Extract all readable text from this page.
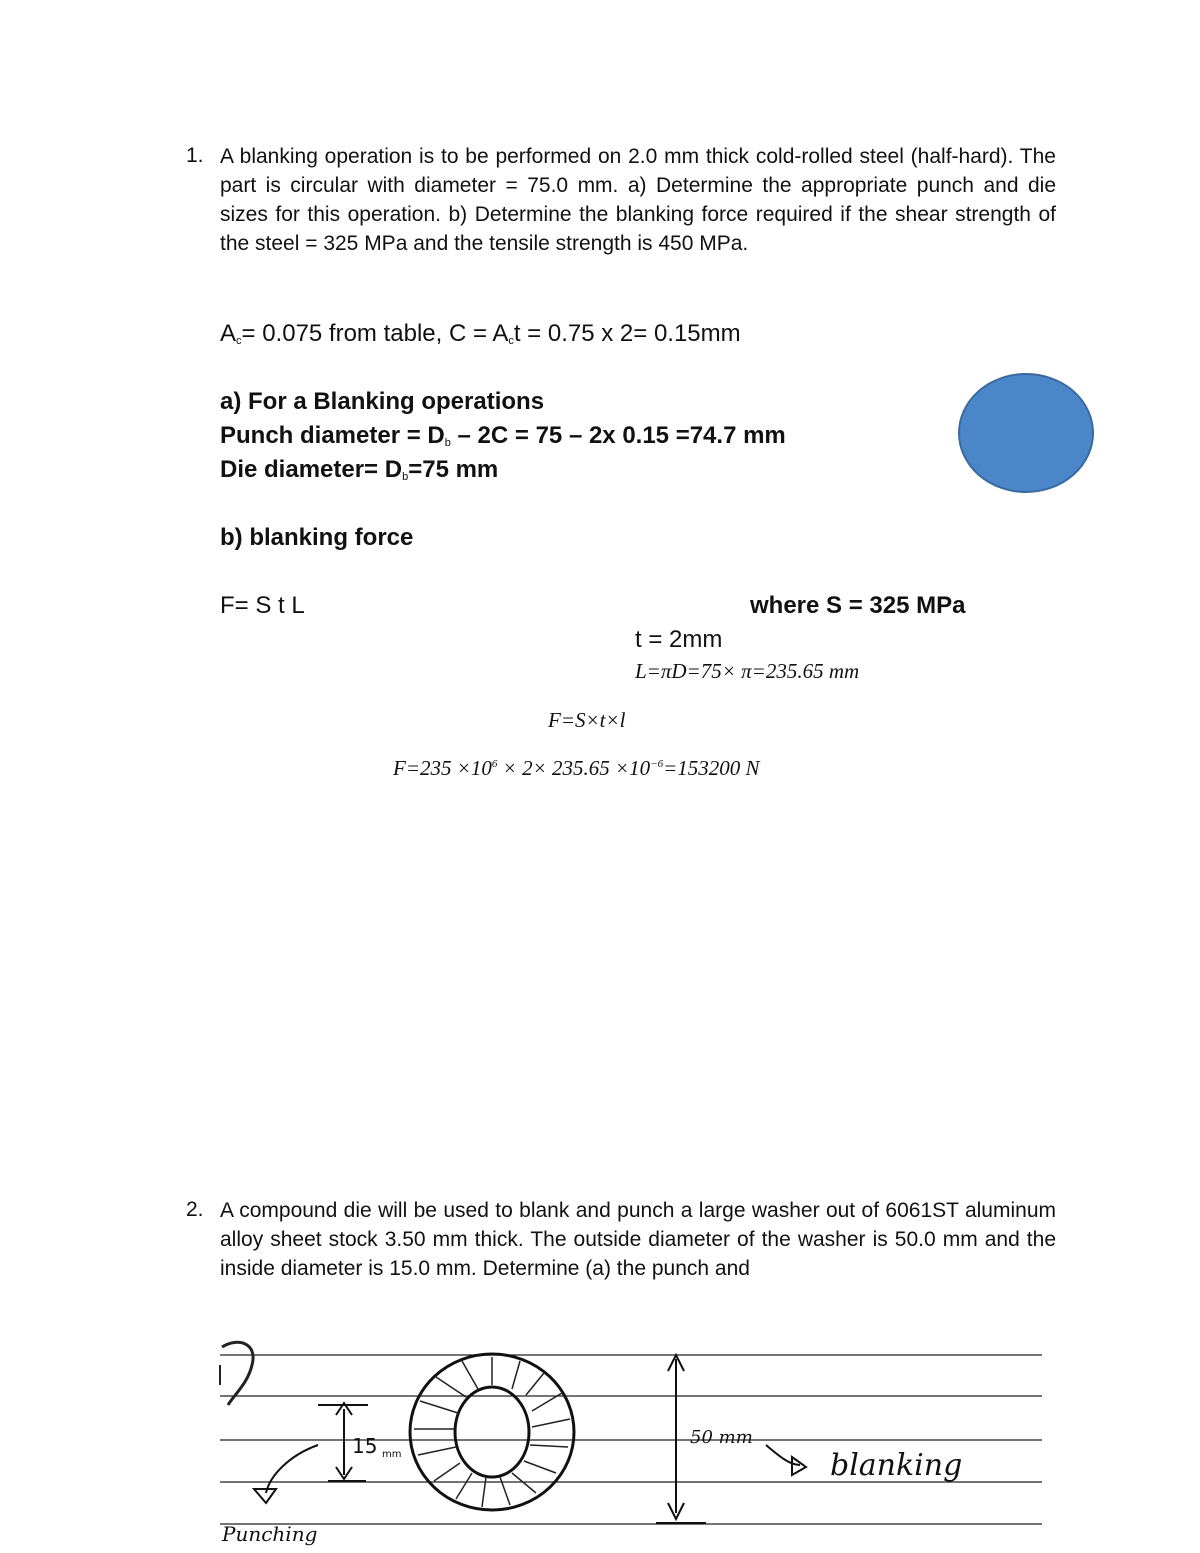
1. A blanking operation is to be performed on 2.0 mm thick cold-rolled steel (half-hard). The part is circular with diameter = 75.0 mm. a) Determine the appropriate punch and die sizes for this operation. b) Determine the blanking force required if the shear strength of the steel = 325 MPa and the tensile strength is 450 MPa.
$A_c= 0.075$ from table, $C = A_ct = 0.75$ x 2= 0.15mm
a) For a Blanking operations
Punch diameter = $D_b - 2C = 75 - 2x$ 0.15 =74.7 mm
Die diameter= $D_b=75$ mm
b) blanking force
F= S t L	where S = 325 MPa
t = 2mm
L=πD=75× π=235.65 mm
F=S×t×l
$F=235 \times 10^6 \times 2\times 235.65 \times 10^{-6}=153200$ N
2. A compound die will be used to blank and punch a large washer out of 6061ST aluminum alloy sheet stock 3.50 mm thick. The outside diameter of the washer is 50.0 mm and the inside diameter is 15.0 mm. Determine (a) the punch and
15 mm
Punching
50 mm
blanking
